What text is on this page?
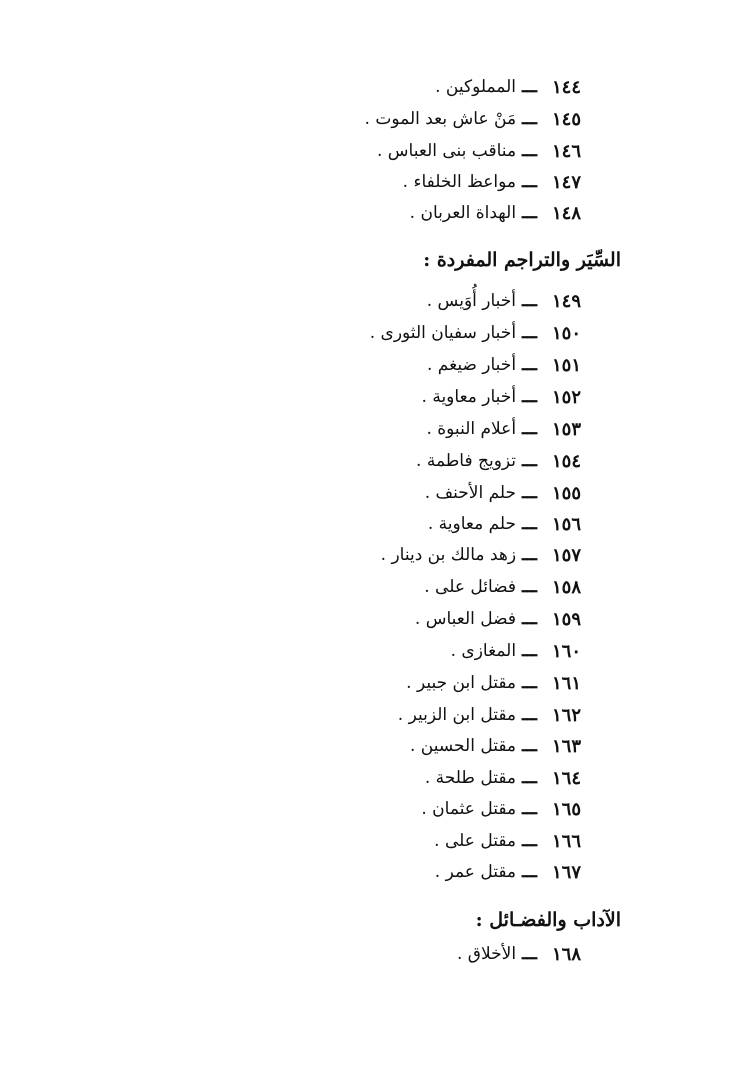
١٤٤
ـــ
المملوكين .
١٤٥
ـــ
مَنْ عاش بعد الموت .
١٤٦
ـــ
مناقب بنى العباس .
١٤٧
ـــ
مواعظ الخلفاء .
١٤٨
ـــ
الهداة العربان .
السِّيَر والتراجم المفردة :
١٤٩
ـــ
أخبار أُوَيس .
١٥٠
ـــ
أخبار سفيان الثورى .
١٥١
ـــ
أخبار ضيغم .
١٥٢
ـــ
أخبار معاوية .
١٥٣
ـــ
أعلام النبوة .
١٥٤
ـــ
تزويج فاطمة .
١٥٥
ـــ
حلم الأحنف .
١٥٦
ـــ
حلم معاوية .
١٥٧
ـــ
زهد مالك بن دينار .
١٥٨
ـــ
فضائل على .
١٥٩
ـــ
فضل العباس .
١٦٠
ـــ
المغازى .
١٦١
ـــ
مقتل ابن جبير .
١٦٢
ـــ
مقتل ابن الزبير .
١٦٣
ـــ
مقتل الحسين .
١٦٤
ـــ
مقتل طلحة .
١٦٥
ـــ
مقتل عثمان .
١٦٦
ـــ
مقتل على .
١٦٧
ـــ
مقتل عمر .
الآداب والفضـائل :
١٦٨
ـــ
الأخلاق .
